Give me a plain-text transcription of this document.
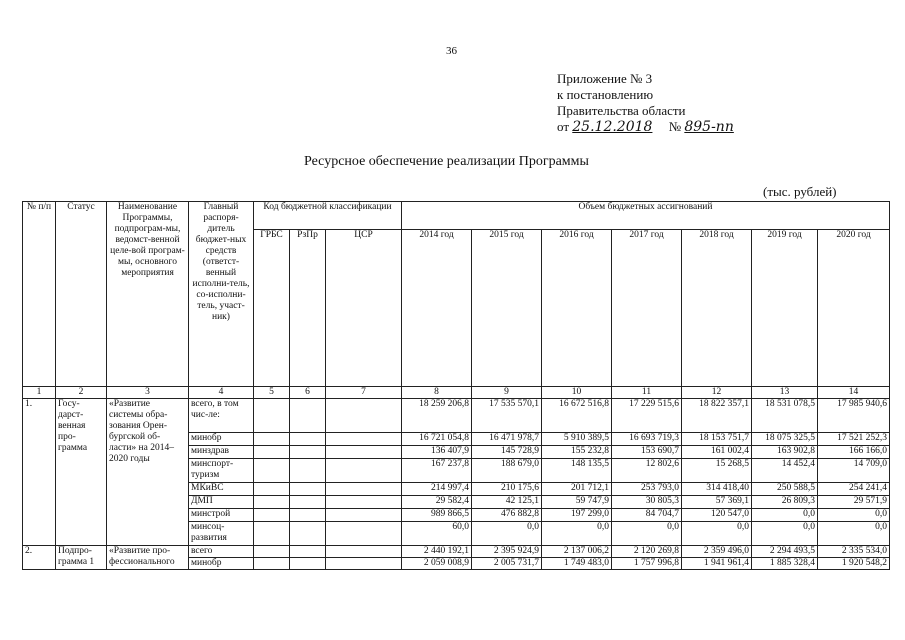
36
Приложение № 3
к постановлению
Правительства области
от 25.12.2018 № 895-пп
Ресурсное обеспечение реализации Программы
(тыс. рублей)
№ п/п	Статус	Наименование Программы, подпрограм-мы, ведомст-венной целе-вой програм-мы, основного мероприятия	Главный распоря-дитель бюджет-ных средств (ответст-венный исполни-тель, со-исполни-тель, участ-ник)	Код бюджетной классификации			Объем бюджетных ассигнований						
				ГРБС	РзПр	ЦСР	2014 год	2015 год	2016 год	2017 год	2018 год	2019 год	2020 год
1	2	3	4	5	6	7	8	9	10	11	12	13	14
1.	Госу-дарст-венная про-грамма	«Развитие системы обра-зования Орен-бургской об-ласти» на 2014–2020 годы	всего, в том чис-ле:				18 259 206,8	17 535 570,1	16 672 516,8	17 229 515,6	18 822 357,1	18 531 078,5	17 985 940,6
			минобр				16 721 054,8	16 471 978,7	5 910 389,5	16 693 719,3	18 153 751,7	18 075 325,5	17 521 252,3
			минздрав				136 407,9	145 728,9	155 232,8	153 690,7	161 002,4	163 902,8	166 166,0
			минспорт-туризм				167 237,8	188 679,0	148 135,5	12 802,6	15 268,5	14 452,4	14 709,0
			МКиВС				214 997,4	210 175,6	201 712,1	253 793,0	314 418,40	250 588,5	254 241,4
			ДМП				29 582,4	42 125,1	59 747,9	30 805,3	57 369,1	26 809,3	29 571,9
			минстрой				989 866,5	476 882,8	197 299,0	84 704,7	120 547,0	0,0	0,0
			минсоц-развития				60,0	0,0	0,0	0,0	0,0	0,0	0,0
2.	Подпро-грамма 1	«Развитие про-фессионального	всего				2 440 192,1	2 395 924,9	2 137 006,2	2 120 269,8	2 359 496,0	2 294 493,5	2 335 534,0
			минобр				2 059 008,9	2 005 731,7	1 749 483,0	1 757 996,8	1 941 961,4	1 885 328,4	1 920 548,2
